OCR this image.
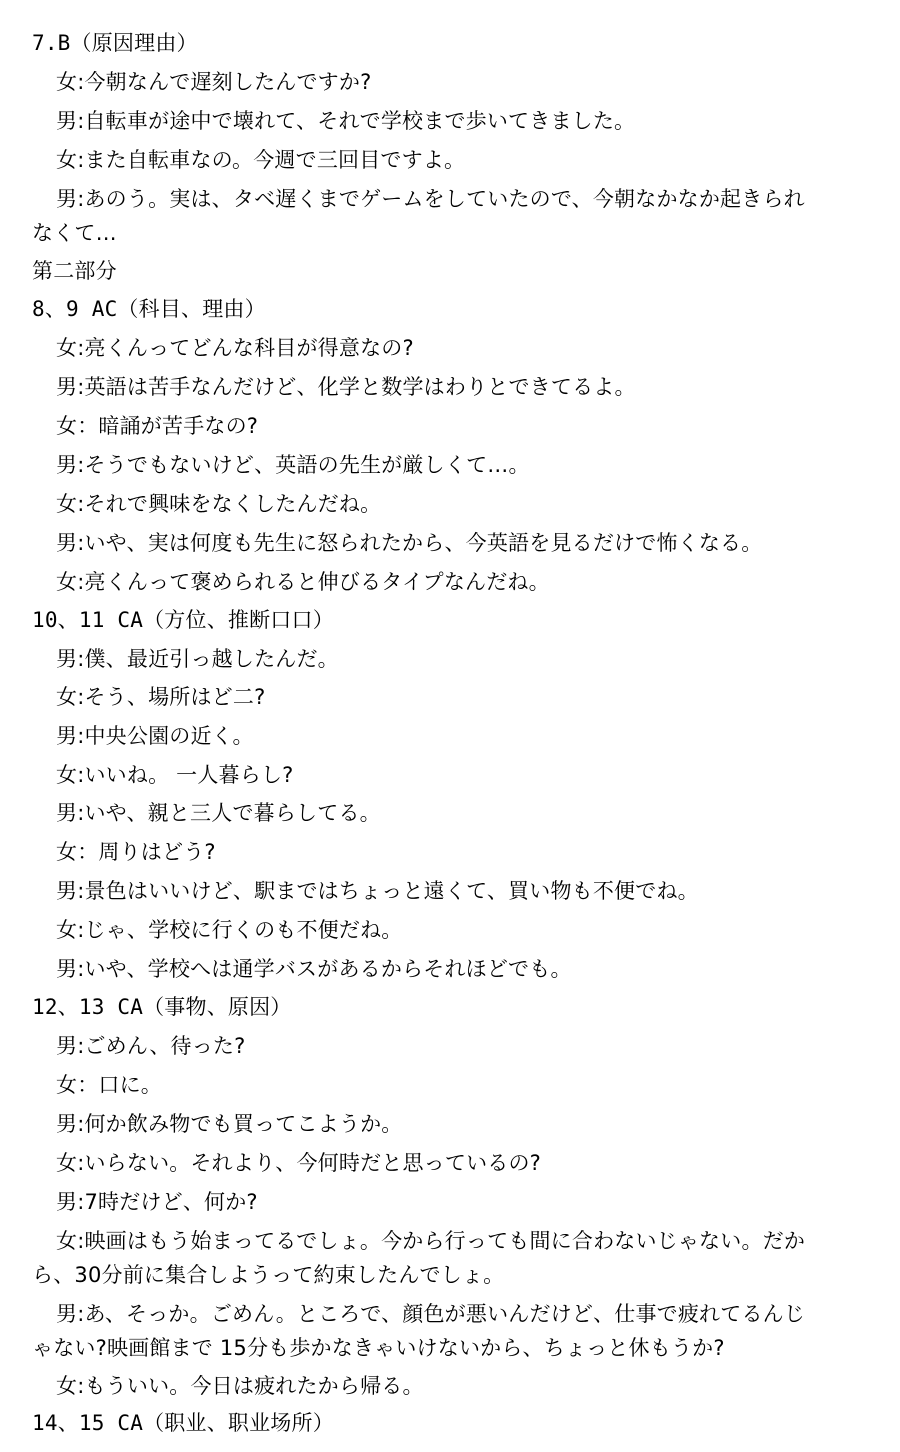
7.B（原因理由）
女:今朝なんで遅刻したんですか?
男:自転車が途中で壊れて、それで学校まで歩いてきました。
女:また自転車なの。今週で三回目ですよ。
男:あのう。実は、タベ遅くまでゲームをしていたので、今朝なかなか起きられ
なくて…
第二部分
8、9 AC（科目、理由）
女:亮くんってどんな科目が得意なの?
男:英語は苦手なんだけど、化学と数学はわりとできてるよ。
女：暗誦が苦手なの?
男:そうでもないけど、英語の先生が厳しくて…。
女:それで興味をなくしたんだね。
男:いや、実は何度も先生に怒られたから、今英語を見るだけで怖くなる。
女:亮くんって褒められると伸びるタイプなんだね。
10、11 CA（方位、推断口口）
男:僕、最近引っ越したんだ。
女:そう、場所はど二?
男:中央公園の近く。
女:いいね。 一人暮らし?
男:いや、親と三人で暮らしてる。
女：周りはどう?
男:景色はいいけど、駅まではちょっと遠くて、買い物も不便でね。
女:じゃ、学校に行くのも不便だね。
男:いや、学校へは通学バスがあるからそれほどでも。
12、13 CA（事物、原因）
男:ごめん、待った?
女：口に。
男:何か飲み物でも買ってこようか。
女:いらない。それより、今何時だと思っているの?
男:7時だけど、何か?
女:映画はもう始まってるでしょ。今から行っても間に合わないじゃない。だか
ら、30分前に集合しようって約束したんでしょ。
男:あ、そっか。ごめん。ところで、顔色が悪いんだけど、仕事で疲れてるんじ
ゃない?映画館まで 15分も歩かなきゃいけないから、ちょっと休もうか?
女:もういい。今日は疲れたから帰る。
14、15 CA（职业、职业场所）
